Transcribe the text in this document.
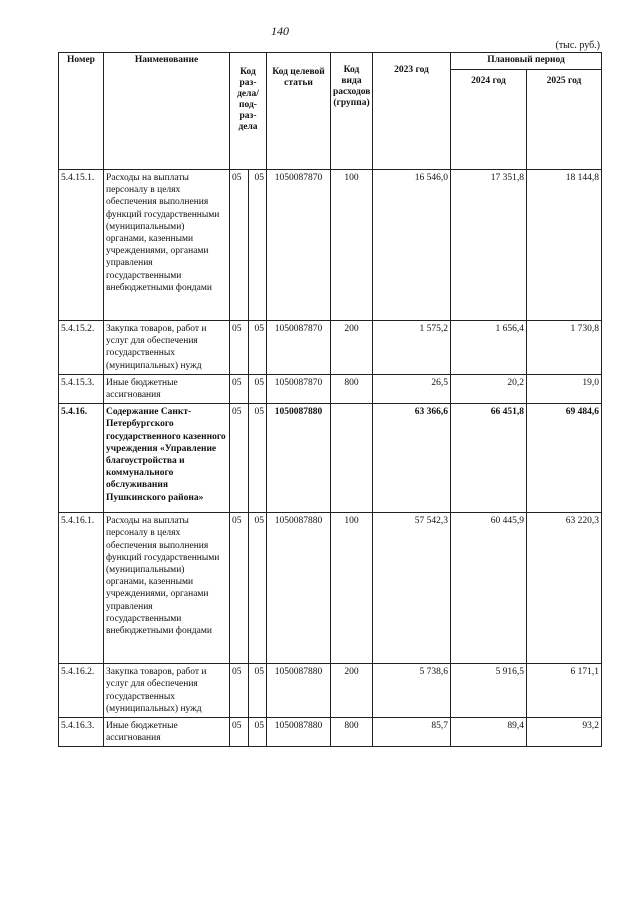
140
(тыс. руб.)
Номер	Наименование	Код раз-дела/ под-раз-дела		Код целевой статьи	Код вида расходов (группа)	2023 год	Плановый период	
							2024 год	2025 год
5.4.15.1.	Расходы на выплаты персоналу в целях обеспечения выполнения функций государственными (муниципальными) органами, казенными учреждениями, органами управления государственными внебюджетными фондами	05	05	1050087870	100	16 546,0	17 351,8	18 144,8
5.4.15.2.	Закупка товаров, работ и услуг для обеспечения государственных (муниципальных) нужд	05	05	1050087870	200	1 575,2	1 656,4	1 730,8
5.4.15.3.	Иные бюджетные ассигнования	05	05	1050087870	800	26,5	20,2	19,0
5.4.16.	Содержание Санкт-Петербургского государственного казенного учреждения «Управление благоустройства и коммунального обслуживания Пушкинского района»	05	05	1050087880		63 366,6	66 451,8	69 484,6
5.4.16.1.	Расходы на выплаты персоналу в целях обеспечения выполнения функций государственными (муниципальными) органами, казенными учреждениями, органами управления государственными внебюджетными фондами	05	05	1050087880	100	57 542,3	60 445,9	63 220,3
5.4.16.2.	Закупка товаров, работ и услуг для обеспечения государственных (муниципальных) нужд	05	05	1050087880	200	5 738,6	5 916,5	6 171,1
5.4.16.3.	Иные бюджетные ассигнования	05	05	1050087880	800	85,7	89,4	93,2
